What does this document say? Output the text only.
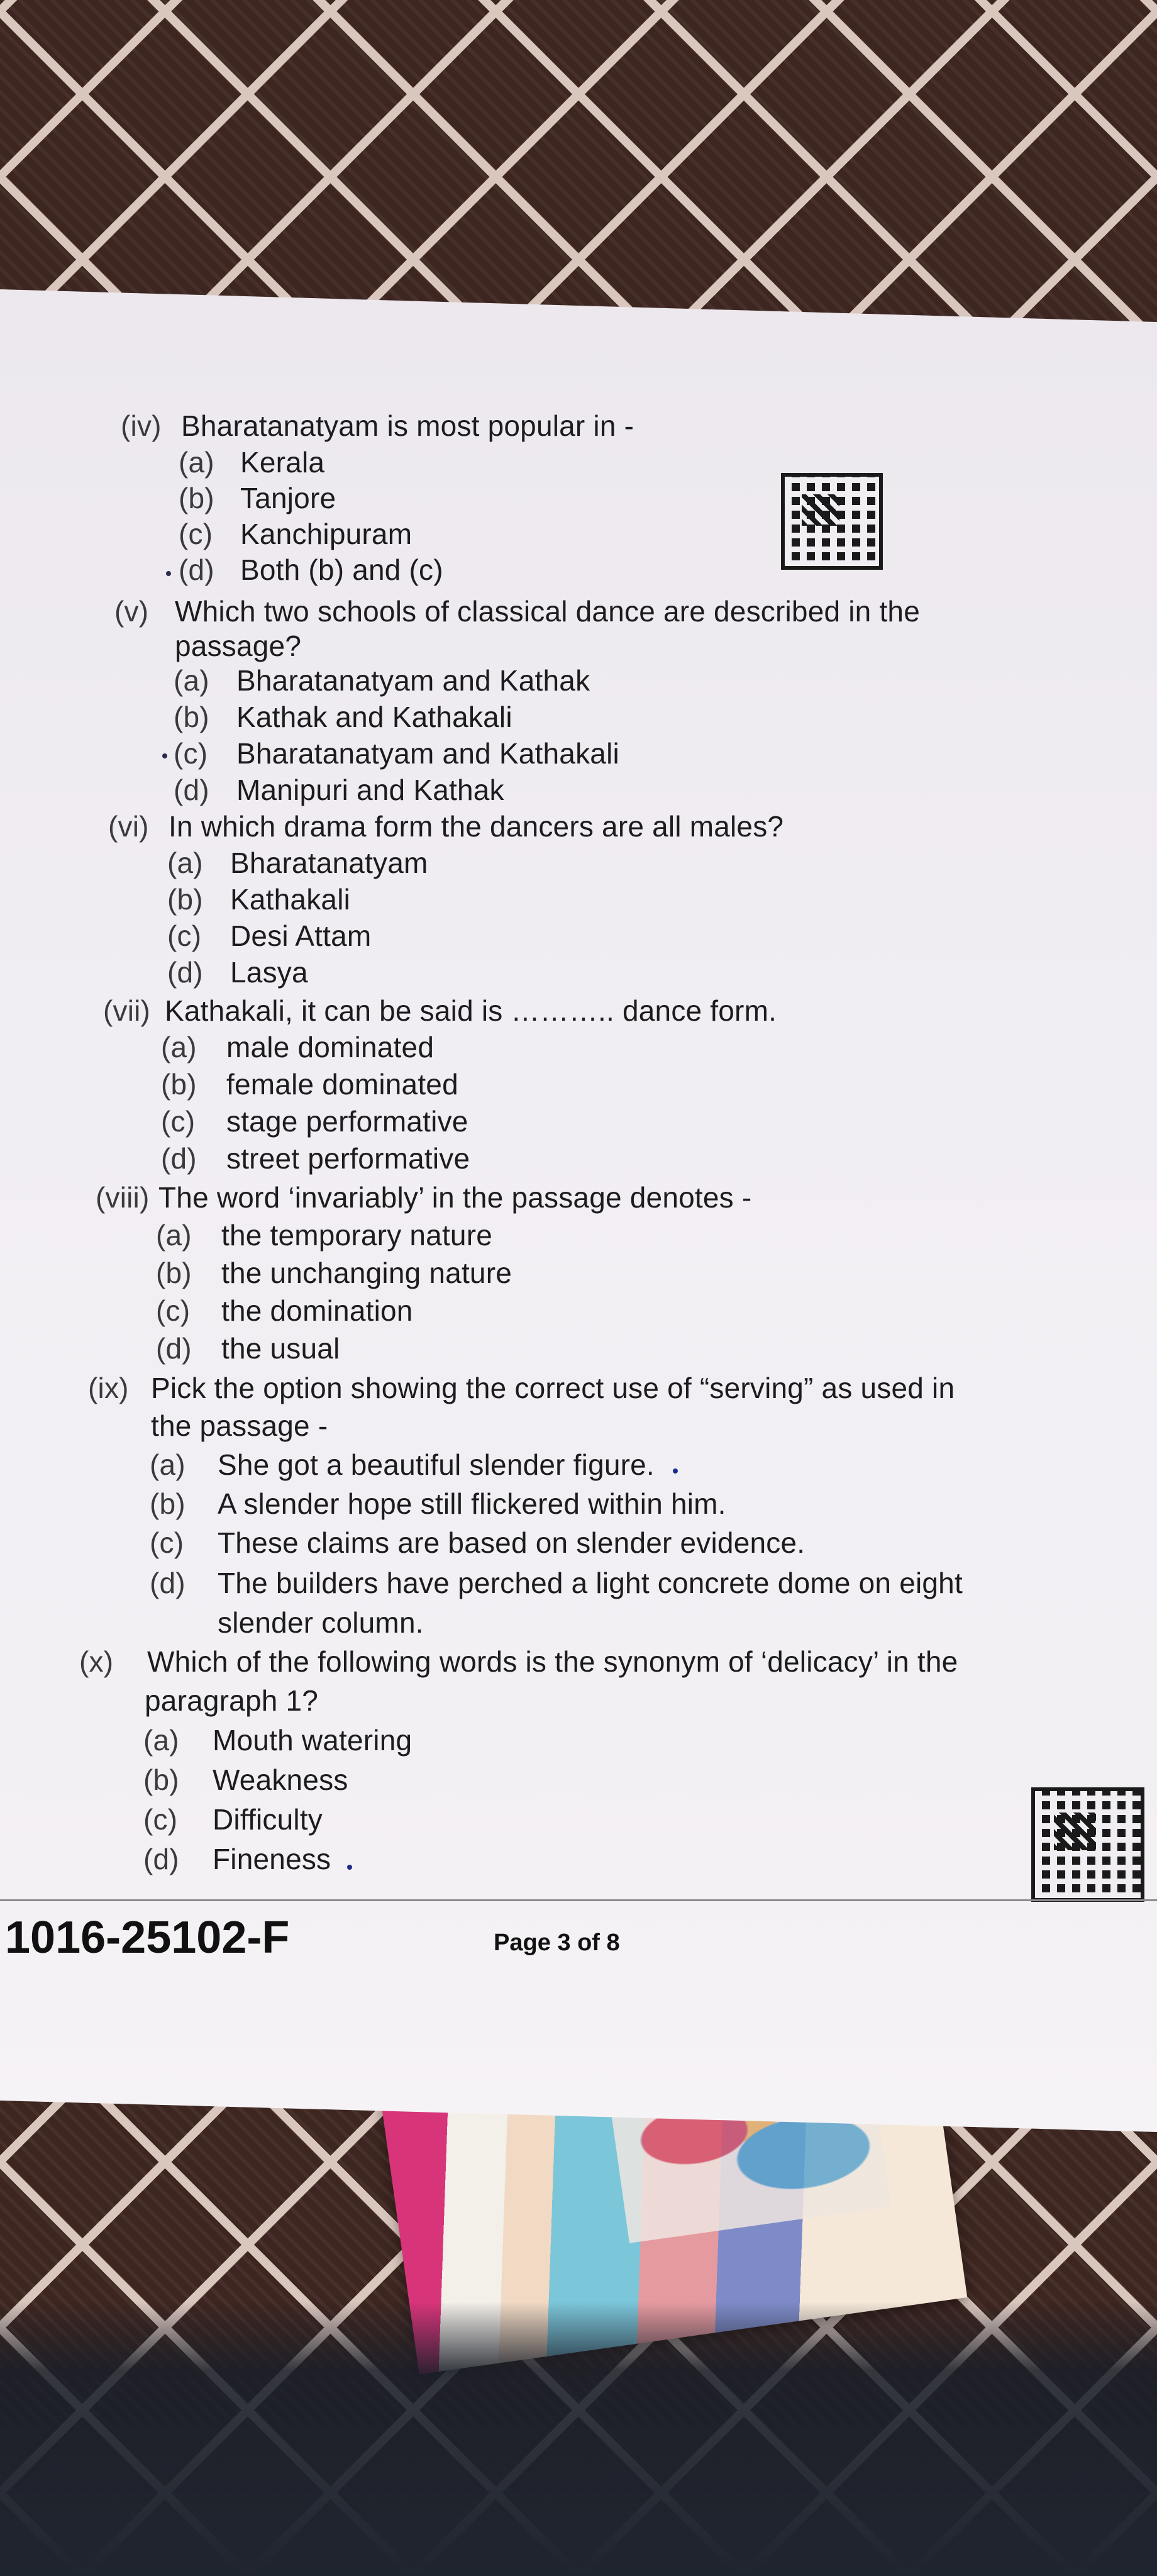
(iv) Bharatanatyam is most popular in -
(a) Kerala
(b) Tanjore
(c) Kanchipuram
(d) Both (b) and (c)
(v) Which two schools of classical dance are described in the
passage?
(a) Bharatanatyam and Kathak
(b) Kathak and Kathakali
(c) Bharatanatyam and Kathakali
(d) Manipuri and Kathak
(vi) In which drama form the dancers are all males?
(a) Bharatanatyam
(b) Kathakali
(c) Desi Attam
(d) Lasya
(vii) Kathakali, it can be said is ……….. dance form.
(a) male dominated
(b) female dominated
(c) stage performative
(d) street performative
(viii) The word ‘invariably’ in the passage denotes -
(a) the temporary nature
(b) the unchanging nature
(c) the domination
(d) the usual
(ix) Pick the option showing the correct use of “serving” as used in
the passage -
(a) She got a beautiful slender figure.
(b) A slender hope still flickered within him.
(c) These claims are based on slender evidence.
(d) The builders have perched a light concrete dome on eight
slender column.
(x) Which of the following words is the synonym of ‘delicacy’ in the
paragraph 1?
(a) Mouth watering
(b) Weakness
(c) Difficulty
(d) Fineness
1016-25102-F	Page 3 of 8
